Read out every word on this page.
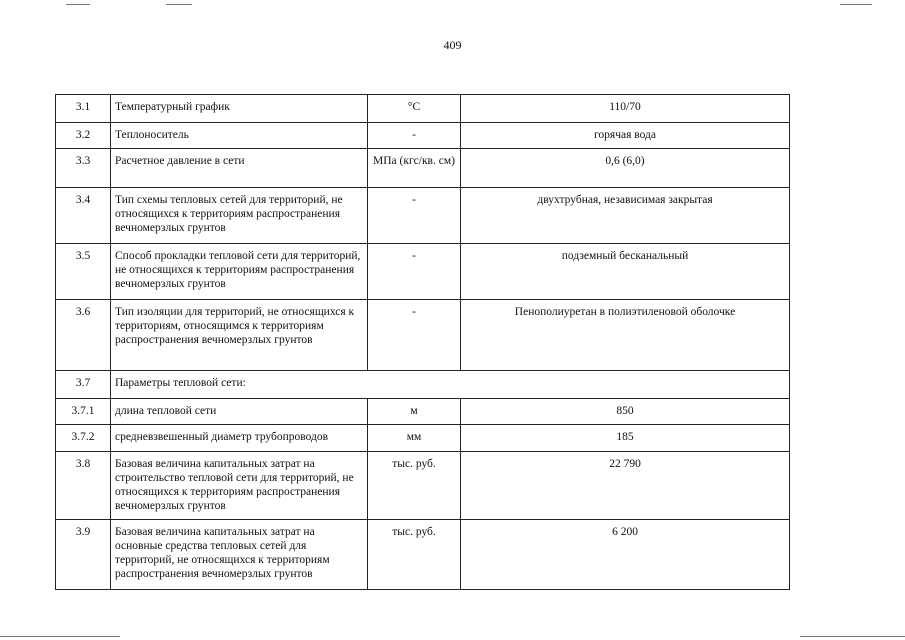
409
3.1	Температурный график	°С	110/70
3.2	Теплоноситель	-	горячая вода
3.3	Расчетное давление в сети	МПа (кгс/кв. см)	0,6 (6,0)
3.4	Тип схемы тепловых сетей для территорий, не относящихся к территориям распространения вечномерзлых грунтов	-	двухтрубная, независимая закрытая
3.5	Способ прокладки тепловой сети для территорий, не относящихся к территориям распространения вечномерзлых грунтов	-	подземный бесканальный
3.6	Тип изоляции для территорий, не относящихся к территориям, относящимся к территориям распространения вечномерзлых грунтов	-	Пенополиуретан в полиэтиленовой оболочке
3.7	Параметры тепловой сети:		
3.7.1	длина тепловой сети	м	850
3.7.2	средневзвешенный диаметр трубопроводов	мм	185
3.8	Базовая величина капитальных затрат на строительство тепловой сети для территорий, не относящихся к территориям распространения вечномерзлых грунтов	тыс. руб.	22 790
3.9	Базовая величина капитальных затрат на основные средства тепловых сетей для территорий, не относящихся к территориям распространения вечномерзлых грунтов	тыс. руб.	6 200
